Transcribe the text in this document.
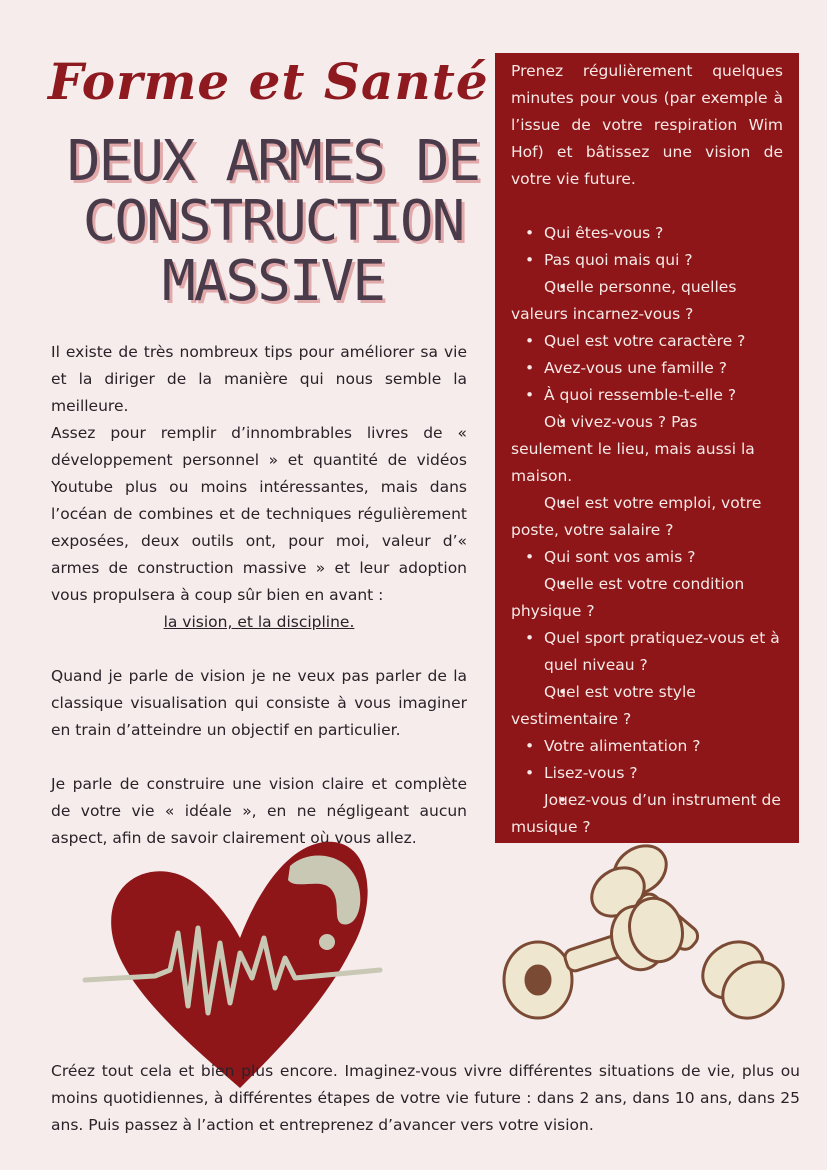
Forme et Santé
DEUX ARMES DE
CONSTRUCTION
MASSIVE

Il existe de très nombreux tips pour améliorer sa vie et la diriger de la manière qui nous semble la meilleure.

Assez pour remplir d’innombrables livres de « développement personnel » et quantité de vidéos Youtube plus ou moins intéressantes, mais dans l’océan de combines et de techniques régulièrement exposées, deux outils ont, pour moi, valeur d’« armes de construction massive » et leur adoption vous propulsera à coup sûr bien en avant :

la vision, et la discipline.

Quand je parle de vision je ne veux pas parler de la classique visualisation qui consiste à vous imaginer en train d’atteindre un objectif en particulier.

Je parle de construire une vision claire et complète de votre vie « idéale », en ne négligeant aucun aspect, afin de savoir clairement où vous allez.

Prenez régulièrement quelques minutes pour vous (par exemple à l’issue de votre respiration Wim Hof) et bâtissez une vision de votre vie future.

• Qui êtes-vous ?
• Pas quoi mais qui ?
• Quelle personne, quelles valeurs incarnez-vous ?
• Quel est votre caractère ?
• Avez-vous une famille ?
• À quoi ressemble-t-elle ?
• Où vivez-vous ? Pas seulement le lieu, mais aussi la maison.
• Quel est votre emploi, votre poste, votre salaire ?
• Qui sont vos amis ?
• Quelle est votre condition physique ?
• Quel sport pratiquez-vous et à quel niveau ?
• Quel est votre style vestimentaire ?
• Votre alimentation ?
• Lisez-vous ?
• Jouez-vous d’un instrument de musique ?
Créez tout cela et bien plus encore. Imaginez-vous vivre différentes situations de vie, plus ou moins quotidiennes, à différentes étapes de votre vie future : dans 2 ans, dans 10 ans, dans 25 ans. Puis passez à l’action et entreprenez d’avancer vers votre vision.
